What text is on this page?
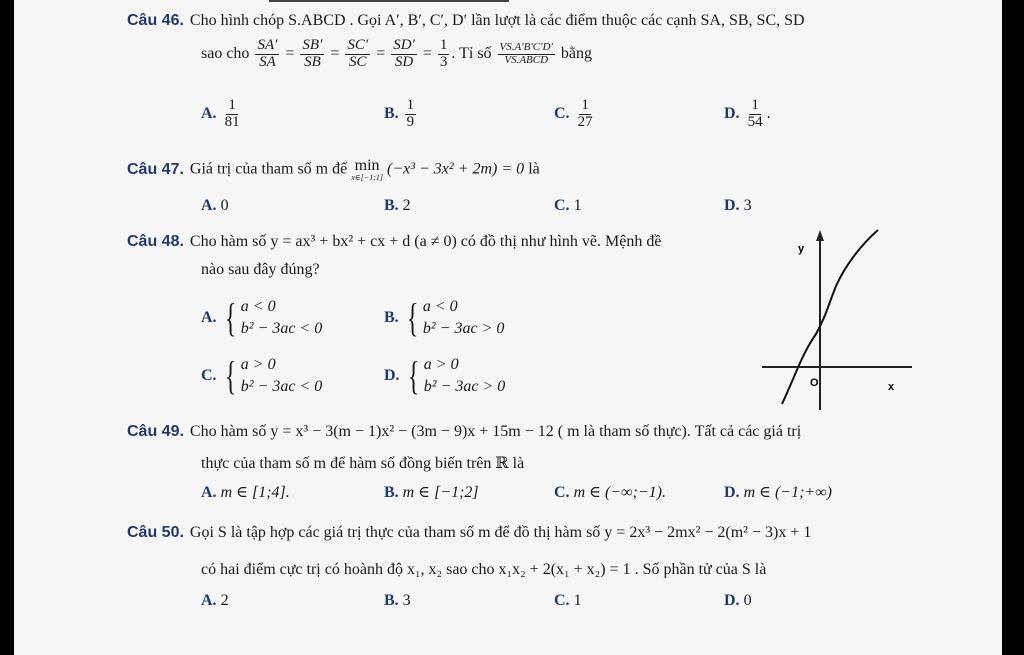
Câu 46. Cho hình chóp S.ABCD . Gọi A′, B′, C′, D′ lần lượt là các điểm thuộc các cạnh SA, SB, SC, SD
sao cho $\frac{SA'}{SA} = \frac{SB'}{SB} = \frac{SC'}{SC} = \frac{SD'}{SD} = \frac{1}{3}$ . Tỉ số $\frac{VS.A'B'C'D'}{\text{VS.ABCD}}$ bằng
A. $\frac{1}{81}$	B. $\frac{1}{9}$	C. $\frac{1}{27}$	D. $\frac{1}{54}$ .
Câu 47. Giá trị của tham số m để min
x∈[−1;1] (−x³ − 3x² + 2m) = 0 là
A. 0	B. 2	C. 1	D. 3
Câu 48. Cho hàm số y = ax³ + bx² + cx + d (a ≠ 0) có đồ thị như hình vẽ. Mệnh đề
nào sau đây đúng?
A. { a < 0
b² − 3ac < 0
B. { a < 0
b² − 3ac > 0
C. { a > 0
b² − 3ac < 0
D. { a > 0
b² − 3ac > 0
y
x
O
Câu 49. Cho hàm số y = x³ − 3(m − 1)x² − (3m − 9)x + 15m − 12 ( m là tham số thực). Tất cả các giá trị
thực của tham số m để hàm số đồng biến trên ℝ là
A. m ∈ [1;4].	B. m ∈ [−1;2]	C. m ∈ (−∞;−1).	D. m ∈ (−1;+∞)
Câu 50. Gọi S là tập hợp các giá trị thực của tham số m để đồ thị hàm số y = 2x³ − 2mx² − 2(m² − 3)x + 1
có hai điểm cực trị có hoành độ x₁, x₂ sao cho x₁x₂ + 2(x₁ + x₂) = 1 . Số phần tử của S là
A. 2	B. 3	C. 1	D. 0
